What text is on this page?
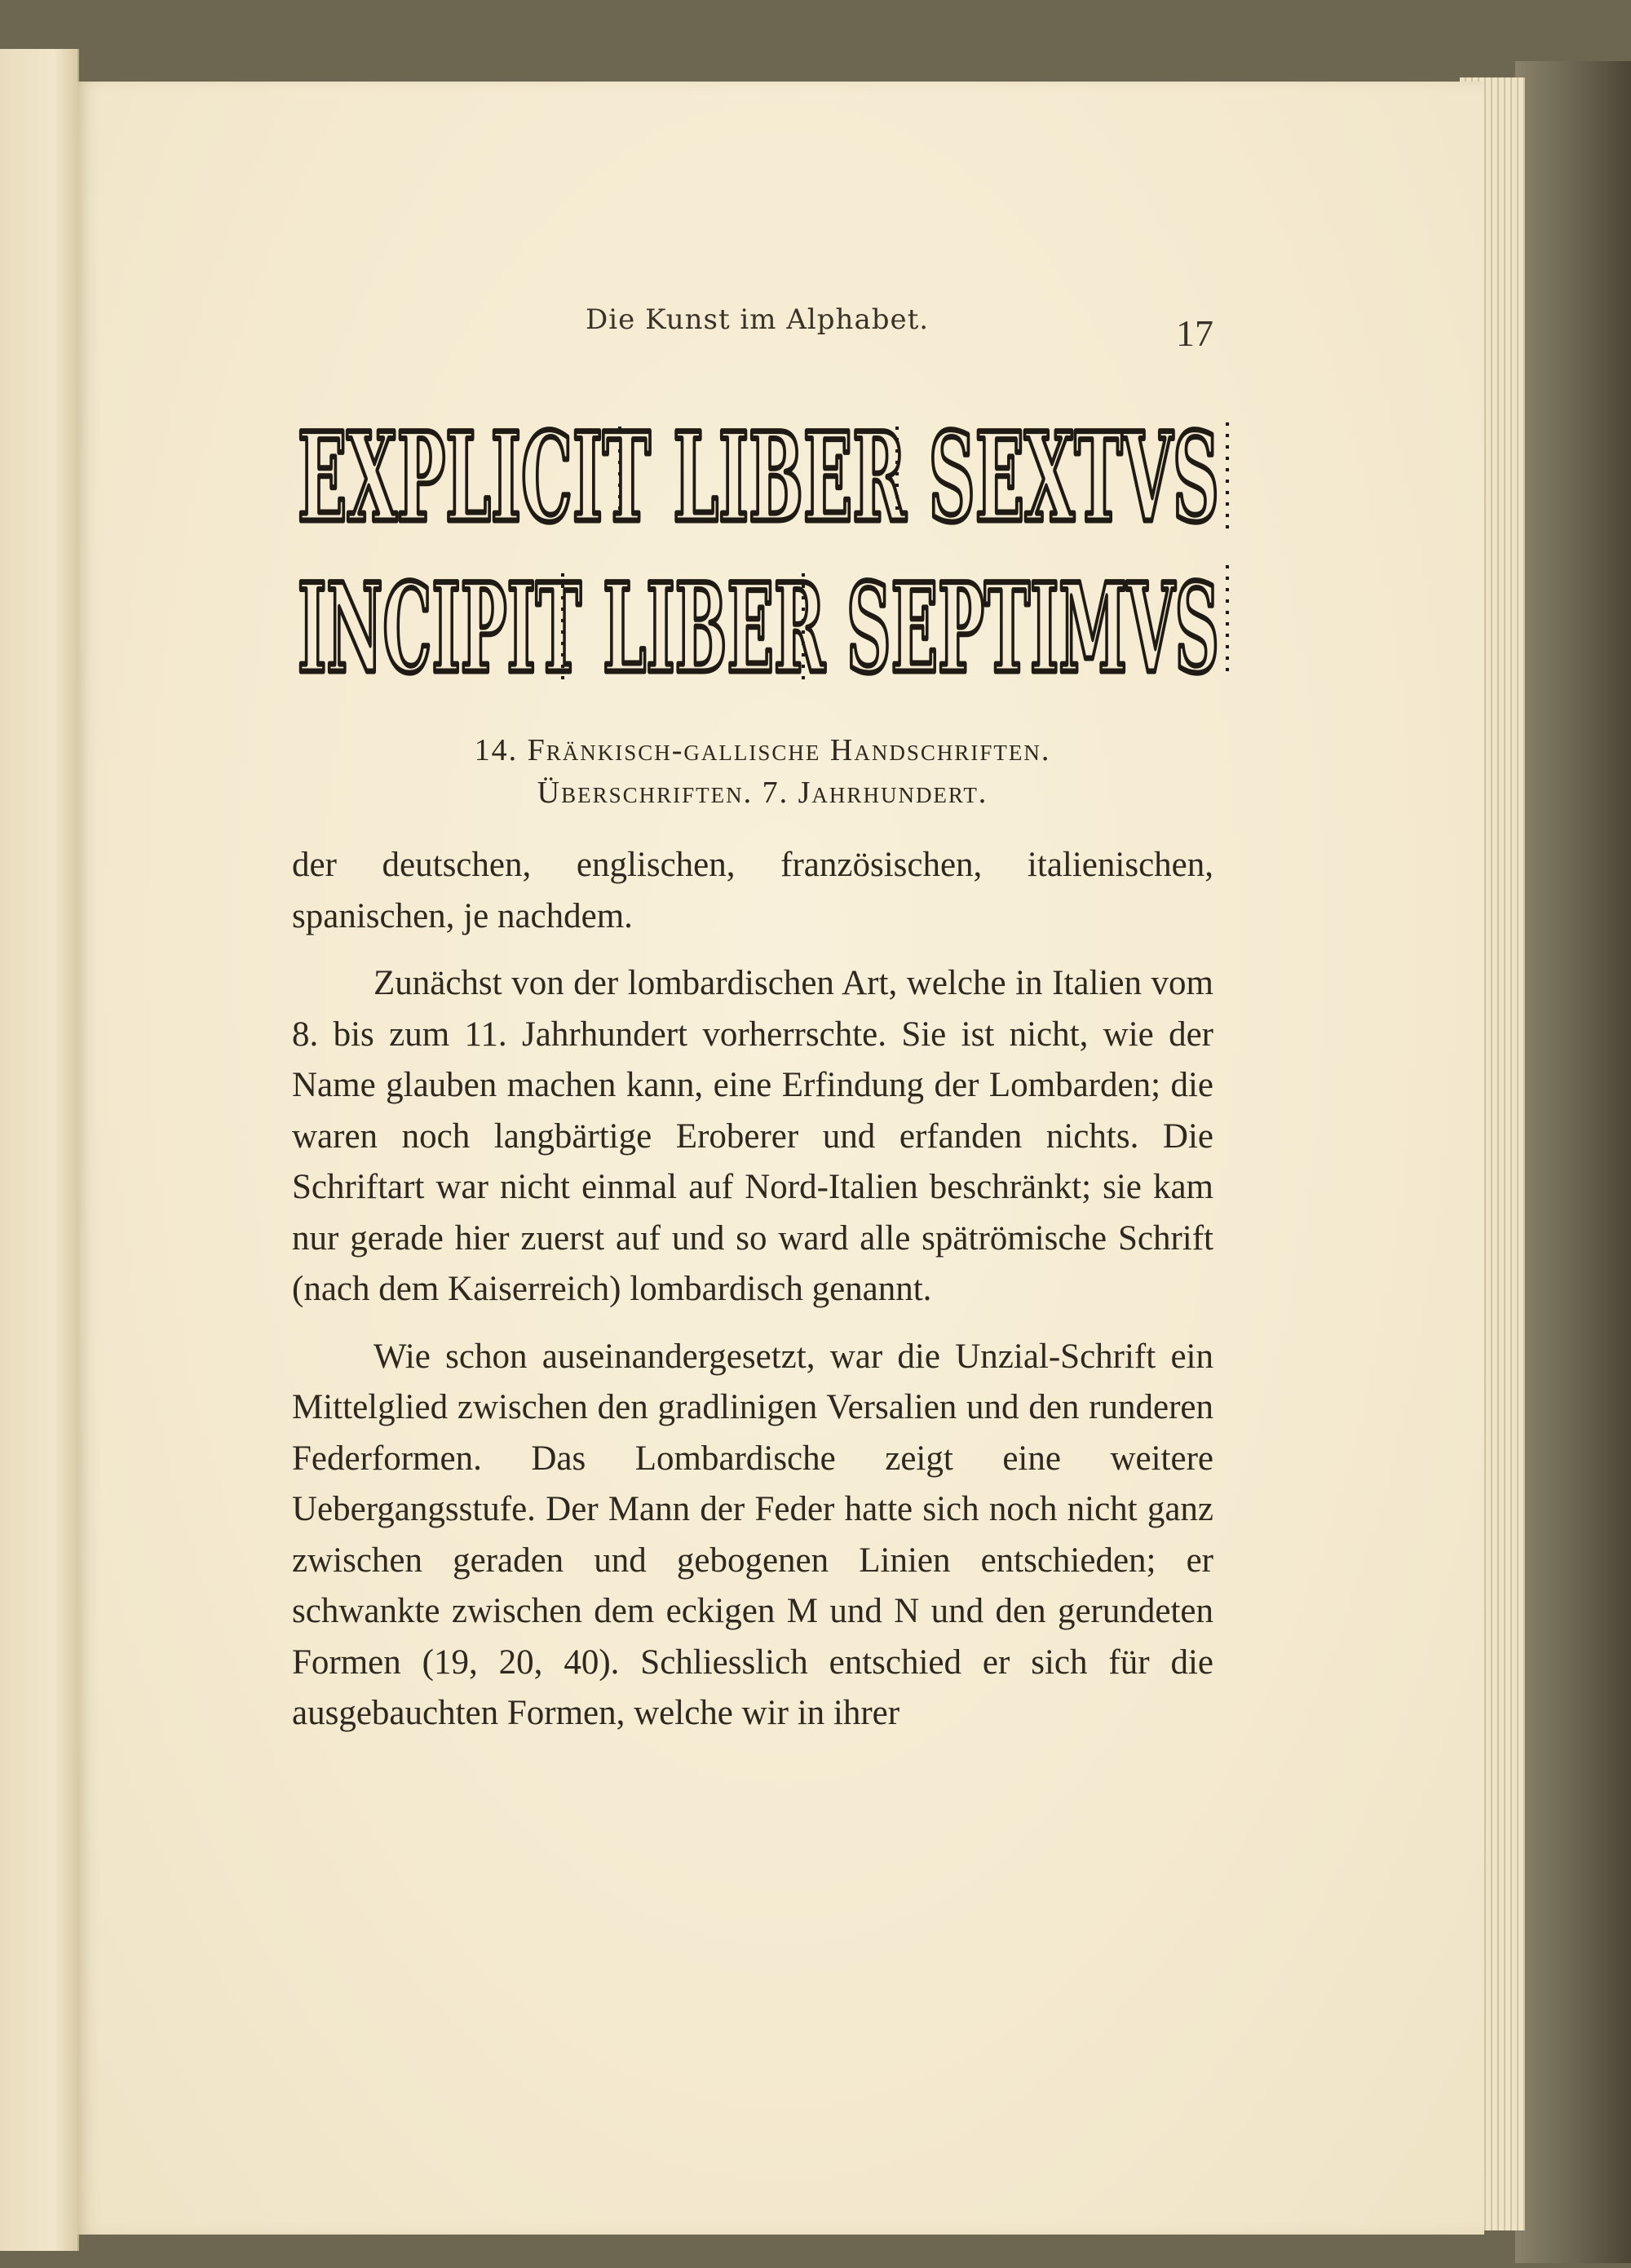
Die Kunst im Alphabet.	17
EXPLICIT LIBER SEXTVS
INCIPIT LIBER SEPTIMVS
14. Fränkisch-gallische Handschriften.
Überschriften. 7. Jahrhundert.

der deutschen, englischen, französischen, italienischen, spanischen, je nachdem.

Zunächst von der lombardischen Art, welche in Italien vom 8. bis zum 11. Jahrhundert vorherrschte. Sie ist nicht, wie der Name glauben machen kann, eine Erfindung der Lombarden; die waren noch langbärtige Eroberer und erfanden nichts. Die Schriftart war nicht einmal auf Nord-Italien beschränkt; sie kam nur gerade hier zuerst auf und so ward alle spätrömische Schrift (nach dem Kaiserreich) lombardisch genannt.

Wie schon auseinandergesetzt, war die Unzial-Schrift ein Mittelglied zwischen den gradlinigen Versalien und den runderen Federformen. Das Lombardische zeigt eine weitere Uebergangsstufe. Der Mann der Feder hatte sich noch nicht ganz zwischen geraden und gebogenen Linien entschieden; er schwankte zwischen dem eckigen M und N und den gerundeten Formen (19, 20, 40). Schliesslich entschied er sich für die ausgebauchten Formen, welche wir in ihrer
